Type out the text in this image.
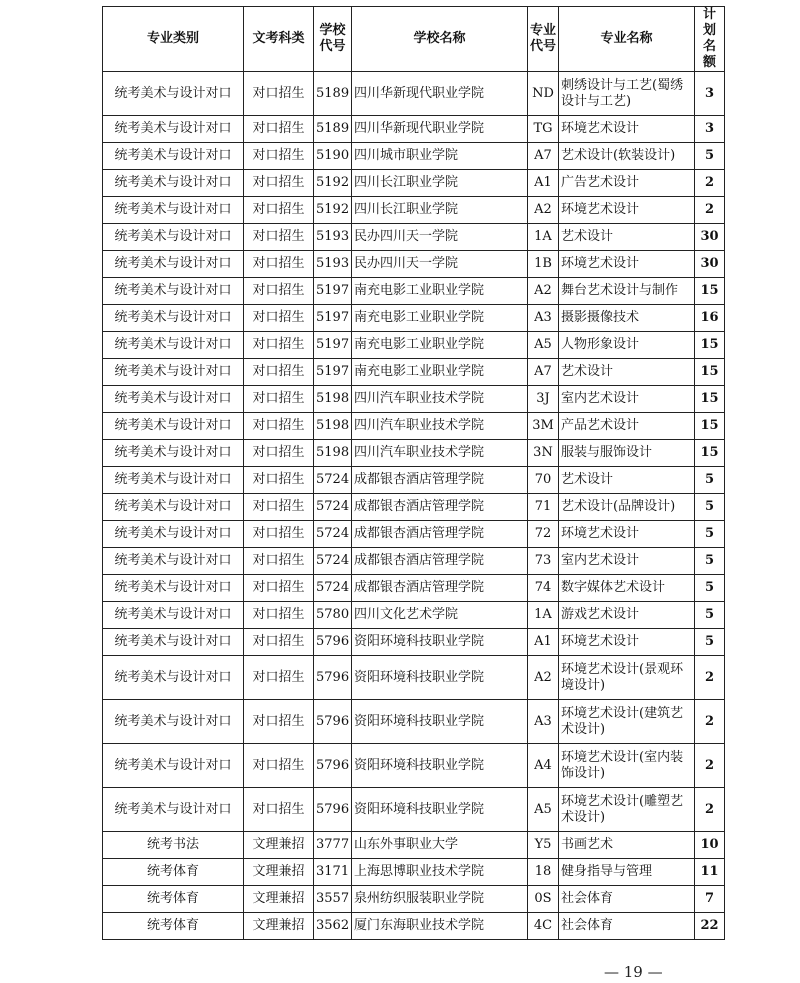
专业类别	文考科类	学校代号	学校名称	专业代号	专业名称	计划名额
统考美术与设计对口	对口招生	5189	四川华新现代职业学院	ND	刺绣设计与工艺(蜀绣设计与工艺)	3
统考美术与设计对口	对口招生	5189	四川华新现代职业学院	TG	环境艺术设计	3
统考美术与设计对口	对口招生	5190	四川城市职业学院	A7	艺术设计(软装设计)	5
统考美术与设计对口	对口招生	5192	四川长江职业学院	A1	广告艺术设计	2
统考美术与设计对口	对口招生	5192	四川长江职业学院	A2	环境艺术设计	2
统考美术与设计对口	对口招生	5193	民办四川天一学院	1A	艺术设计	30
统考美术与设计对口	对口招生	5193	民办四川天一学院	1B	环境艺术设计	30
统考美术与设计对口	对口招生	5197	南充电影工业职业学院	A2	舞台艺术设计与制作	15
统考美术与设计对口	对口招生	5197	南充电影工业职业学院	A3	摄影摄像技术	16
统考美术与设计对口	对口招生	5197	南充电影工业职业学院	A5	人物形象设计	15
统考美术与设计对口	对口招生	5197	南充电影工业职业学院	A7	艺术设计	15
统考美术与设计对口	对口招生	5198	四川汽车职业技术学院	3J	室内艺术设计	15
统考美术与设计对口	对口招生	5198	四川汽车职业技术学院	3M	产品艺术设计	15
统考美术与设计对口	对口招生	5198	四川汽车职业技术学院	3N	服装与服饰设计	15
统考美术与设计对口	对口招生	5724	成都银杏酒店管理学院	70	艺术设计	5
统考美术与设计对口	对口招生	5724	成都银杏酒店管理学院	71	艺术设计(品牌设计)	5
统考美术与设计对口	对口招生	5724	成都银杏酒店管理学院	72	环境艺术设计	5
统考美术与设计对口	对口招生	5724	成都银杏酒店管理学院	73	室内艺术设计	5
统考美术与设计对口	对口招生	5724	成都银杏酒店管理学院	74	数字媒体艺术设计	5
统考美术与设计对口	对口招生	5780	四川文化艺术学院	1A	游戏艺术设计	5
统考美术与设计对口	对口招生	5796	资阳环境科技职业学院	A1	环境艺术设计	5
统考美术与设计对口	对口招生	5796	资阳环境科技职业学院	A2	环境艺术设计(景观环境设计)	2
统考美术与设计对口	对口招生	5796	资阳环境科技职业学院	A3	环境艺术设计(建筑艺术设计)	2
统考美术与设计对口	对口招生	5796	资阳环境科技职业学院	A4	环境艺术设计(室内装饰设计)	2
统考美术与设计对口	对口招生	5796	资阳环境科技职业学院	A5	环境艺术设计(雕塑艺术设计)	2
统考书法	文理兼招	3777	山东外事职业大学	Y5	书画艺术	10
统考体育	文理兼招	3171	上海思博职业技术学院	18	健身指导与管理	11
统考体育	文理兼招	3557	泉州纺织服装职业学院	0S	社会体育	7
统考体育	文理兼招	3562	厦门东海职业技术学院	4C	社会体育	22
— 19 —
